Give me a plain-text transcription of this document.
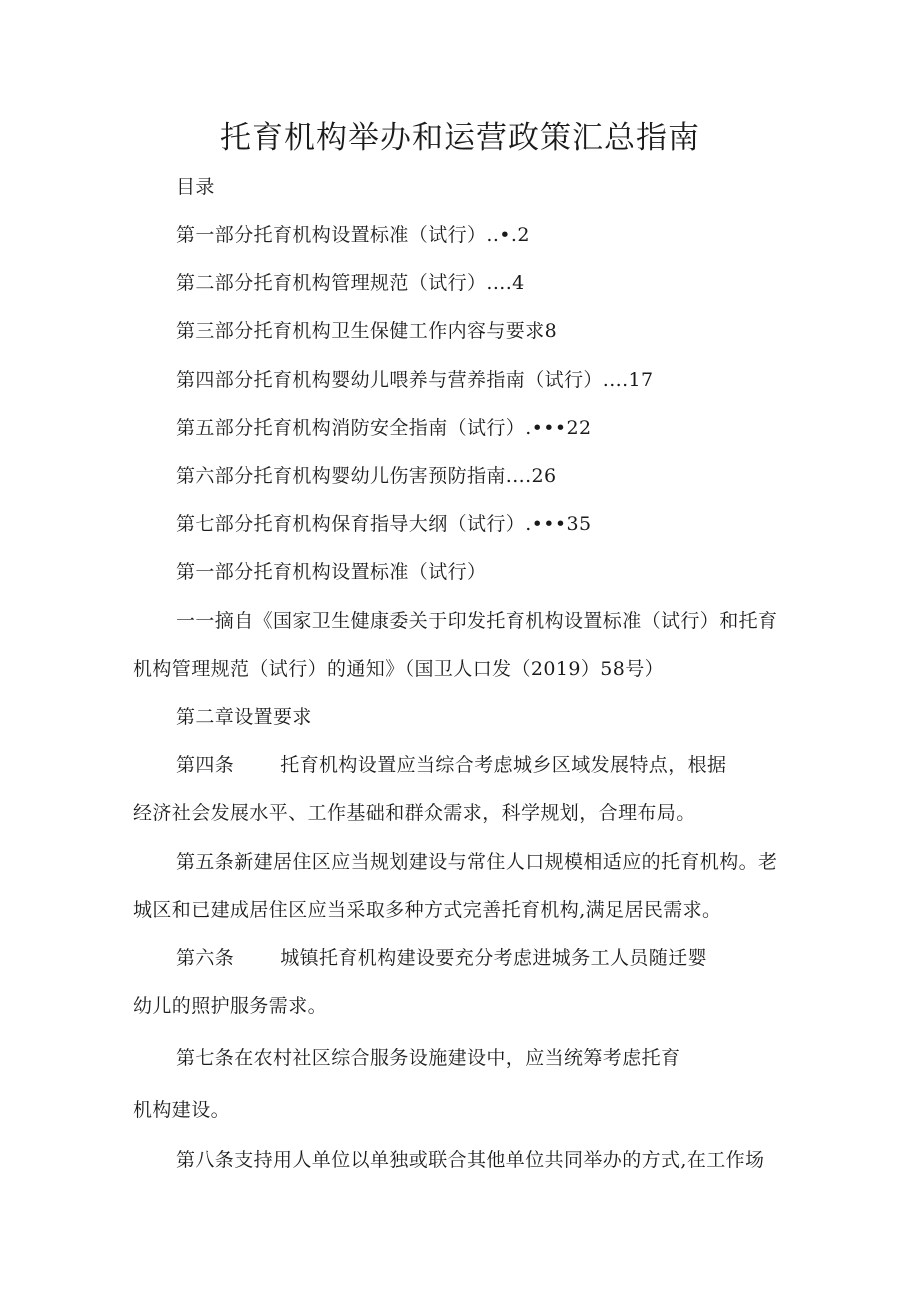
托育机构举办和运营政策汇总指南
目录
第一部分托育机构设置标准（试行）..•.2
第二部分托育机构管理规范（试行）....4
第三部分托育机构卫生保健工作内容与要求8
第四部分托育机构婴幼儿喂养与营养指南（试行）....17
第五部分托育机构消防安全指南（试行）.•••22
第六部分托育机构婴幼儿伤害预防指南....26
第七部分托育机构保育指导大纲（试行）.•••35
第一部分托育机构设置标准（试行）
一一摘自《国家卫生健康委关于印发托育机构设置标准（试行）和托育
机构管理规范（试行）的通知》（国卫人口发（2019）58号）
第二章设置要求
第四条 托育机构设置应当综合考虑城乡区域发展特点，根据
经济社会发展水平、工作基础和群众需求，科学规划，合理布局。
第五条新建居住区应当规划建设与常住人口规模相适应的托育机构。老
城区和已建成居住区应当采取多种方式完善托育机构,满足居民需求。
第六条 城镇托育机构建设要充分考虑进城务工人员随迁婴
幼儿的照护服务需求。
第七条在农村社区综合服务设施建设中，应当统筹考虑托育
机构建设。
第八条支持用人单位以单独或联合其他单位共同举办的方式,在工作场
